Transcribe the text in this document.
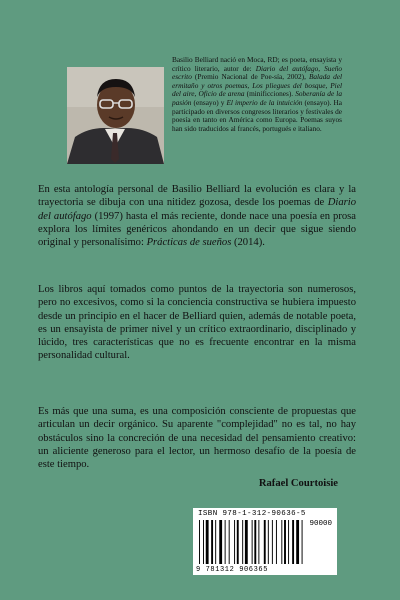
Basilio Belliard nació en Moca, RD; es poeta, ensayista y crítico literario, autor de: Diario del autófago, Sueño escrito (Premio Nacional de Poe-sía, 2002), Balada del ermitaño y otros poemas, Los pliegues del bosque, Piel del aire, Oficio de arena (minificciones). Soberanía de la pasión (ensayo) y El imperio de la intuición (ensayo). Ha participado en diversos congresos literarios y festivales de poesía en tanto en América como Europa. Poemas suyos han sido traducidos al francés, portugués e italiano.
En esta antología personal de Basilio Belliard la evolución es clara y la trayectoria se dibuja con una nitidez gozosa, desde los poemas de Diario del autófago (1997) hasta el más reciente, donde nace una poesía en prosa explora los límites genéricos ahondando en un decir que sigue siendo original y personalísimo: Prácticas de sueños (2014).
Los libros aquí tomados como puntos de la trayectoria son numerosos, pero no excesivos, como si la conciencia constructiva se hubiera impuesto desde un principio en el hacer de Belliard quien, además de notable poeta, es un ensayista de primer nivel y un crítico extraordinario, disciplinado y lúcido, tres características que no es frecuente encontrar en la misma personalidad cultural.
Es más que una suma, es una composición consciente de propuestas que articulan un decir orgánico. Su aparente "complejidad" no es tal, no hay obstáculos sino la concreción de una necesidad del pensamiento creativo: un aliciente generoso para el lector, un hermoso desafío de la poesía de este tiempo.
Rafael Courtoisie
ISBN 978-1-312-90636-5
90000
9 781312 906365
